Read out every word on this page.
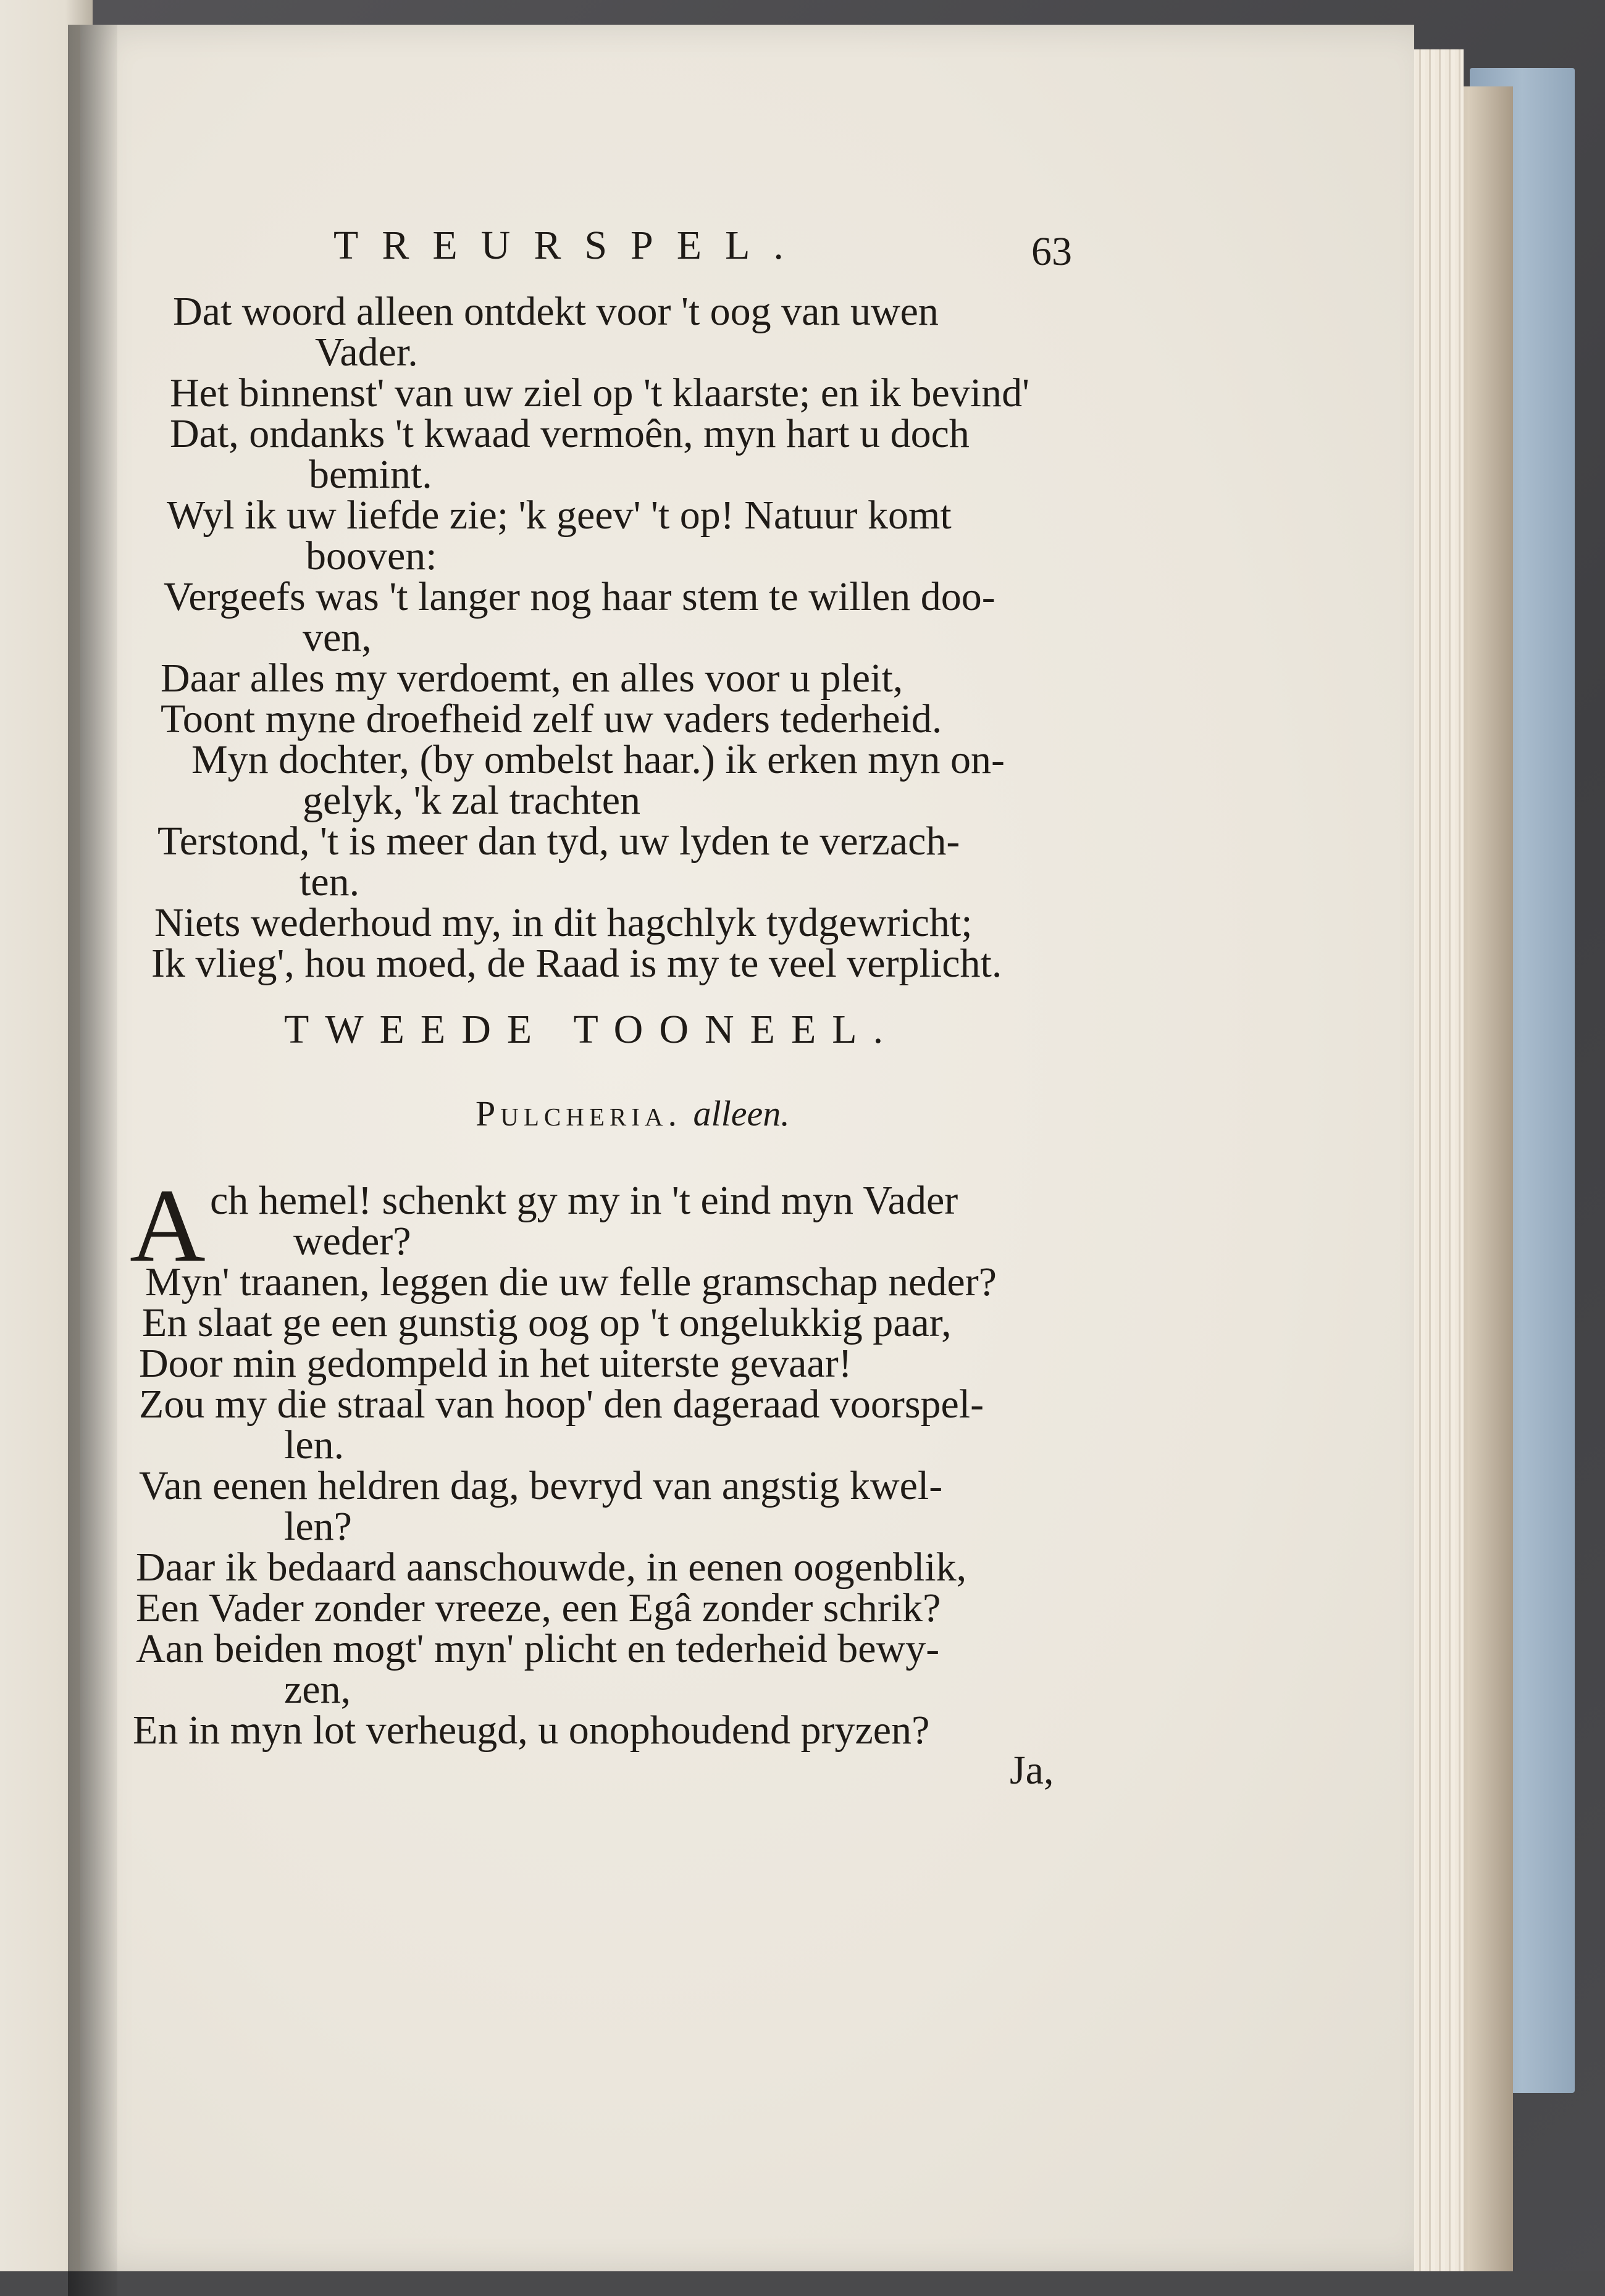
TREURSPEL.	63
Dat woord alleen ontdekt voor 't oog van uwen
Vader.
Het binnenst' van uw ziel op 't klaarste; en ik bevind'
Dat, ondanks 't kwaad vermoên, myn hart u doch
bemint.
Wyl ik uw liefde zie; 'k geev' 't op! Natuur komt
booven:
Vergeefs was 't langer nog haar stem te willen doo-
ven,
Daar alles my verdoemt, en alles voor u pleit,
Toont myne droefheid zelf uw vaders tederheid.
Myn dochter, (by ombelst haar.) ik erken myn on-
gelyk, 'k zal trachten
Terstond, 't is meer dan tyd, uw lyden te verzach-
ten.
Niets wederhoud my, in dit hagchlyk tydgewricht;
Ik vlieg', hou moed, de Raad is my te veel verplicht.
TWEEDE TOONEEL.
Pulcheria. alleen.
A ch hemel! schenkt gy my in 't eind myn Vader
weder?
Myn' traanen, leggen die uw felle gramschap neder?
En slaat ge een gunstig oog op 't ongelukkig paar,
Door min gedompeld in het uiterste gevaar!
Zou my die straal van hoop' den dageraad voorspel-
len.
Van eenen heldren dag, bevryd van angstig kwel-
len?
Daar ik bedaard aanschouwde, in eenen oogenblik,
Een Vader zonder vreeze, een Egâ zonder schrik?
Aan beiden mogt' myn' plicht en tederheid bewy-
zen,
En in myn lot verheugd, u onophoudend pryzen?
Ja,
